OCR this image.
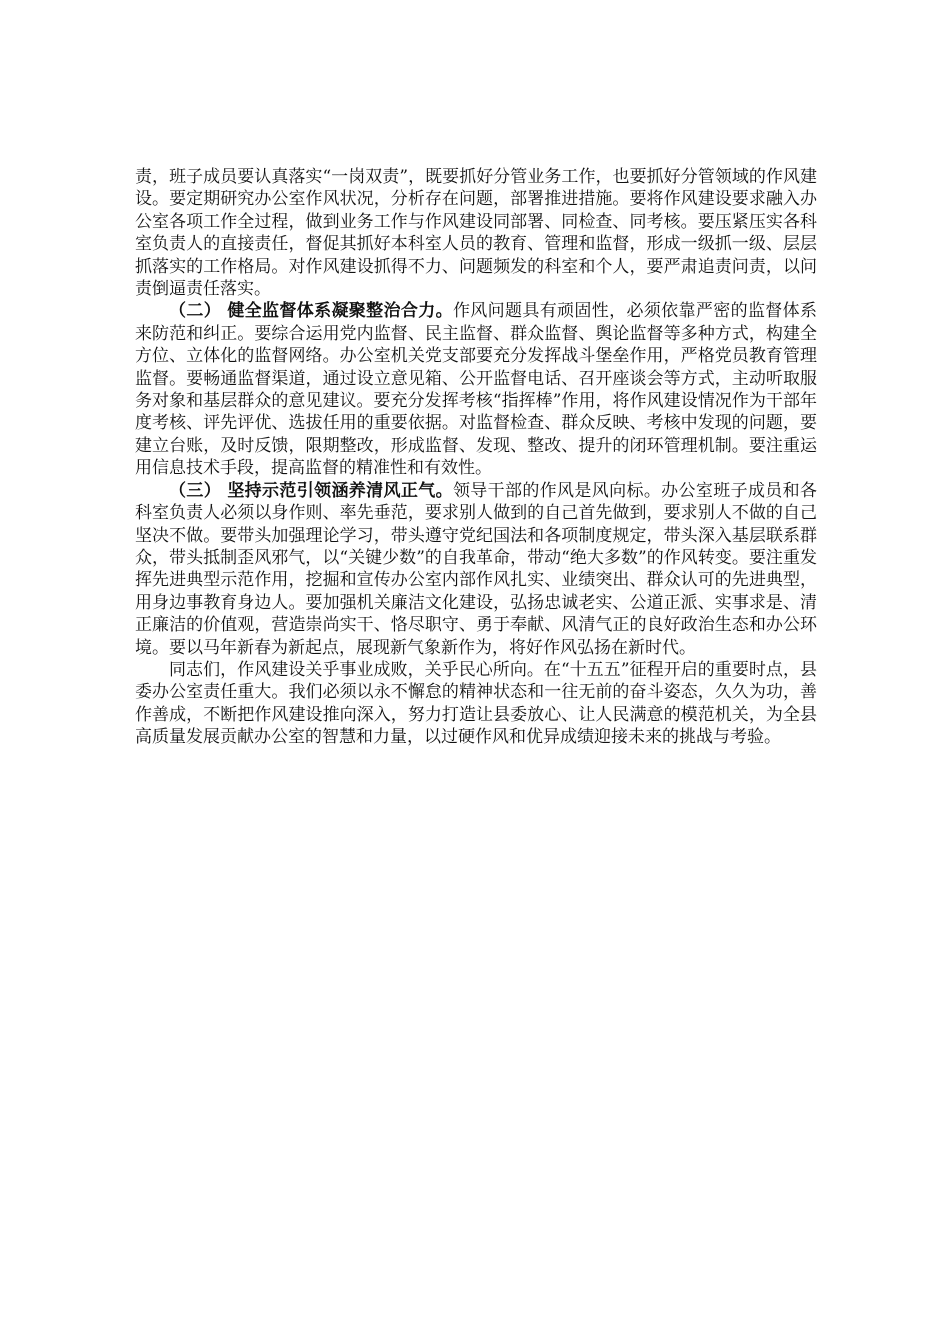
责，班子成员要认真落实“一岗双责”，既要抓好分管业务工作，也要抓好分管领域的作风建设。要定期研究办公室作风状况，分析存在问题，部署推进措施。要将作风建设要求融入办公室各项工作全过程，做到业务工作与作风建设同部署、同检查、同考核。要压紧压实各科室负责人的直接责任，督促其抓好本科室人员的教育、管理和监督，形成一级抓一级、层层抓落实的工作格局。对作风建设抓得不力、问题频发的科室和个人，要严肃追责问责，以问责倒逼责任落实。

（二） 健全监督体系凝聚整治合力。作风问题具有顽固性，必须依靠严密的监督体系来防范和纠正。要综合运用党内监督、民主监督、群众监督、舆论监督等多种方式，构建全方位、立体化的监督网络。办公室机关党支部要充分发挥战斗堡垒作用，严格党员教育管理监督。要畅通监督渠道，通过设立意见箱、公开监督电话、召开座谈会等方式，主动听取服务对象和基层群众的意见建议。要充分发挥考核“指挥棒”作用，将作风建设情况作为干部年度考核、评先评优、选拔任用的重要依据。对监督检查、群众反映、考核中发现的问题，要建立台账，及时反馈，限期整改，形成监督、发现、整改、提升的闭环管理机制。要注重运用信息技术手段，提高监督的精准性和有效性。

（三） 坚持示范引领涵养清风正气。领导干部的作风是风向标。办公室班子成员和各科室负责人必须以身作则、率先垂范，要求别人做到的自己首先做到，要求别人不做的自己坚决不做。要带头加强理论学习，带头遵守党纪国法和各项制度规定，带头深入基层联系群众，带头抵制歪风邪气，以“关键少数”的自我革命，带动“绝大多数”的作风转变。要注重发挥先进典型示范作用，挖掘和宣传办公室内部作风扎实、业绩突出、群众认可的先进典型，用身边事教育身边人。要加强机关廉洁文化建设，弘扬忠诚老实、公道正派、实事求是、清正廉洁的价值观，营造崇尚实干、恪尽职守、勇于奉献、风清气正的良好政治生态和办公环境。要以马年新春为新起点，展现新气象新作为，将好作风弘扬在新时代。

同志们，作风建设关乎事业成败，关乎民心所向。在“十五五”征程开启的重要时点，县委办公室责任重大。我们必须以永不懈怠的精神状态和一往无前的奋斗姿态，久久为功，善作善成，不断把作风建设推向深入，努力打造让县委放心、让人民满意的模范机关，为全县高质量发展贡献办公室的智慧和力量，以过硬作风和优异成绩迎接未来的挑战与考验。
